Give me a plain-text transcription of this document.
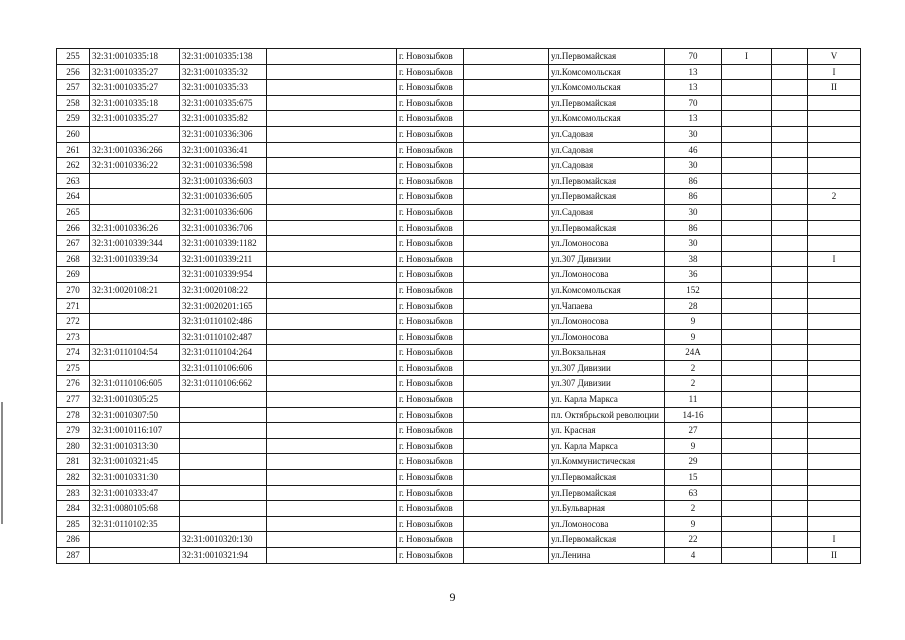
255	32:31:0010335:18	32:31:0010335:138		г. Новозыбков		ул.Первомайская	70	I		V
256	32:31:0010335:27	32:31:0010335:32		г. Новозыбков		ул.Комсомольская	13			I
257	32:31:0010335:27	32:31:0010335:33		г. Новозыбков		ул.Комсомольская	13			II
258	32:31:0010335:18	32:31:0010335:675		г. Новозыбков		ул.Первомайская	70			
259	32:31:0010335:27	32:31:0010335:82		г. Новозыбков		ул.Комсомольская	13			
260		32:31:0010336:306		г. Новозыбков		ул.Садовая	30			
261	32:31:0010336:266	32:31:0010336:41		г. Новозыбков		ул.Садовая	46			
262	32:31:0010336:22	32:31:0010336:598		г. Новозыбков		ул.Садовая	30			
263		32:31:0010336:603		г. Новозыбков		ул.Первомайская	86			
264		32:31:0010336:605		г. Новозыбков		ул.Первомайская	86			2
265		32:31:0010336:606		г. Новозыбков		ул.Садовая	30			
266	32:31:0010336:26	32:31:0010336:706		г. Новозыбков		ул.Первомайская	86			
267	32:31:0010339:344	32:31:0010339:1182		г. Новозыбков		ул.Ломоносова	30			
268	32:31:0010339:34	32:31:0010339:211		г. Новозыбков		ул.307 Дивизии	38			I
269		32:31:0010339:954		г. Новозыбков		ул.Ломоносова	36			
270	32:31:0020108:21	32:31:0020108:22		г. Новозыбков		ул.Комсомольская	152			
271		32:31:0020201:165		г. Новозыбков		ул.Чапаева	28			
272		32:31:0110102:486		г. Новозыбков		ул.Ломоносова	9			
273		32:31:0110102:487		г. Новозыбков		ул.Ломоносова	9			
274	32:31:0110104:54	32:31:0110104:264		г. Новозыбков		ул.Вокзальная	24А			
275		32:31:0110106:606		г. Новозыбков		ул.307 Дивизии	2			
276	32:31:0110106:605	32:31:0110106:662		г. Новозыбков		ул.307 Дивизии	2			
277	32:31:0010305:25			г. Новозыбков		ул. Карла Маркса	11			
278	32:31:0010307:50			г. Новозыбков		пл. Октябрьской революции	14-16			
279	32:31:0010116:107			г. Новозыбков		ул. Красная	27			
280	32:31:0010313:30			г. Новозыбков		ул. Карла Маркса	9			
281	32:31:0010321:45			г. Новозыбков		ул.Коммунистическая	29			
282	32:31:0010331:30			г. Новозыбков		ул.Первомайская	15			
283	32:31:0010333:47			г. Новозыбков		ул.Первомайская	63			
284	32:31:0080105:68			г. Новозыбков		ул.Бульварная	2			
285	32:31:0110102:35			г. Новозыбков		ул.Ломоносова	9			
286		32:31:0010320:130		г. Новозыбков		ул.Первомайская	22			I
287		32:31:0010321:94		г. Новозыбков		ул.Ленина	4			II
9
